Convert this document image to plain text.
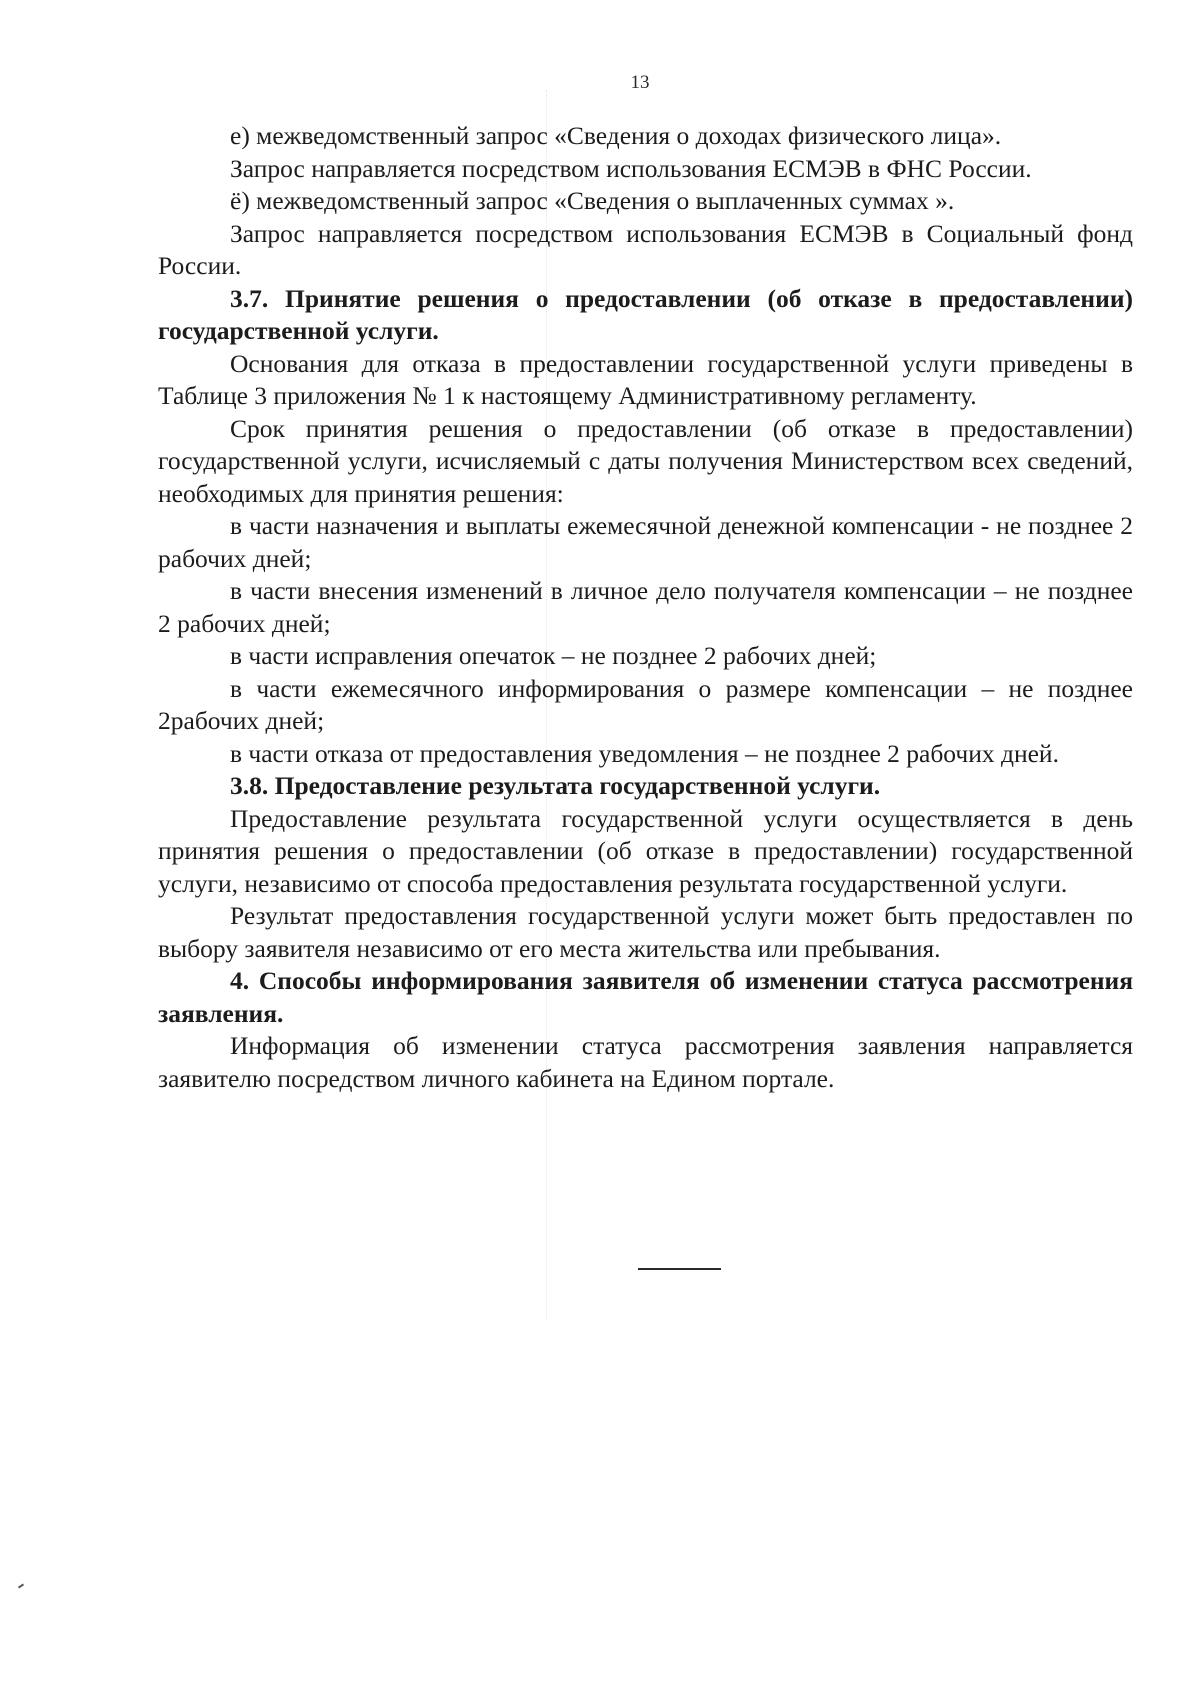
13

е) межведомственный запрос «Сведения о доходах физического лица».

Запрос направляется посредством использования ЕСМЭВ в ФНС России.

ё) межведомственный запрос «Сведения о выплаченных суммах ».

Запрос направляется посредством использования ЕСМЭВ в Социальный фонд России.

3.7. Принятие решения о предоставлении (об отказе в предоставлении) государственной услуги.

Основания для отказа в предоставлении государственной услуги приведены в Таблице 3 приложения № 1 к настоящему Административному регламенту.

Срок принятия решения о предоставлении (об отказе в предоставлении) государственной услуги, исчисляемый с даты получения Министерством всех сведений, необходимых для принятия решения:

в части назначения и выплаты ежемесячной денежной компенсации - не позднее 2 рабочих дней;

в части внесения изменений в личное дело получателя компенсации – не позднее 2 рабочих дней;

в части исправления опечаток – не позднее 2 рабочих дней;

в части ежемесячного информирования о размере компенсации – не позднее 2рабочих дней;

в части отказа от предоставления уведомления – не позднее 2 рабочих дней.

3.8. Предоставление результата государственной услуги.

Предоставление результата государственной услуги осуществляется в день принятия решения о предоставлении (об отказе в предоставлении) государственной услуги, независимо от способа предоставления результата государственной услуги.

Результат предоставления государственной услуги может быть предоставлен по выбору заявителя независимо от его места жительства или пребывания.

4. Способы информирования заявителя об изменении статуса рассмотрения заявления.

Информация об изменении статуса рассмотрения заявления направляется заявителю посредством личного кабинета на Едином портале.
